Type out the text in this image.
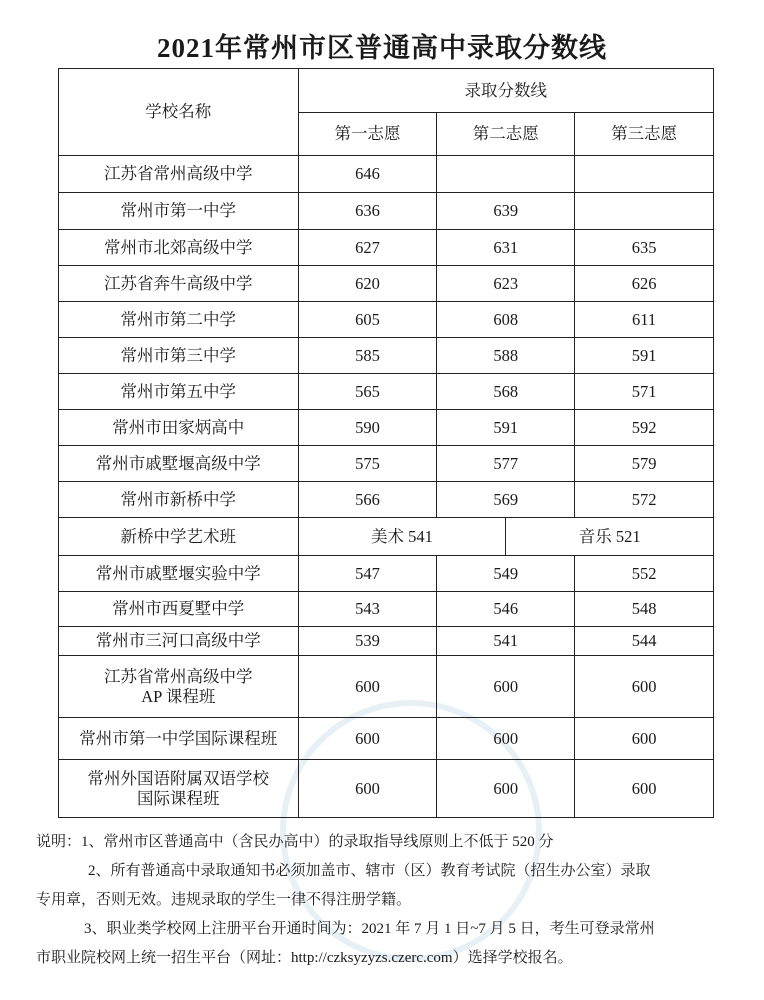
2021年常州市区普通高中录取分数线
学校名称	录取分数线			
	第一志愿	第二志愿		第三志愿
江苏省常州高级中学	646			
常州市第一中学	636	639		
常州市北郊高级中学	627	631		635
江苏省奔牛高级中学	620	623		626
常州市第二中学	605	608		611
常州市第三中学	585	588		591
常州市第五中学	565	568		571
常州市田家炳高中	590	591		592
常州市戚墅堰高级中学	575	577		579
常州市新桥中学	566	569		572
新桥中学艺术班	美术 541		音乐 521	
常州市戚墅堰实验中学	547	549		552
常州市西夏墅中学	543	546		548
常州市三河口高级中学	539	541		544

江苏省常州高级中学
AP 课程班	600	600		600

常州市第一中学国际课程班	600	600		600

常州外国语附属双语学校
国际课程班	600	600		600

说明：1、常州市区普通高中（含民办高中）的录取指导线原则上不低于 520 分

2、所有普通高中录取通知书必须加盖市、辖市（区）教育考试院（招生办公室）录取

专用章，否则无效。违规录取的学生一律不得注册学籍。

3、职业类学校网上注册平台开通时间为：2021 年 7 月 1 日~7 月 5 日，考生可登录常州

市职业院校网上统一招生平台（网址：http://czksyzyzs.czerc.com）选择学校报名。
